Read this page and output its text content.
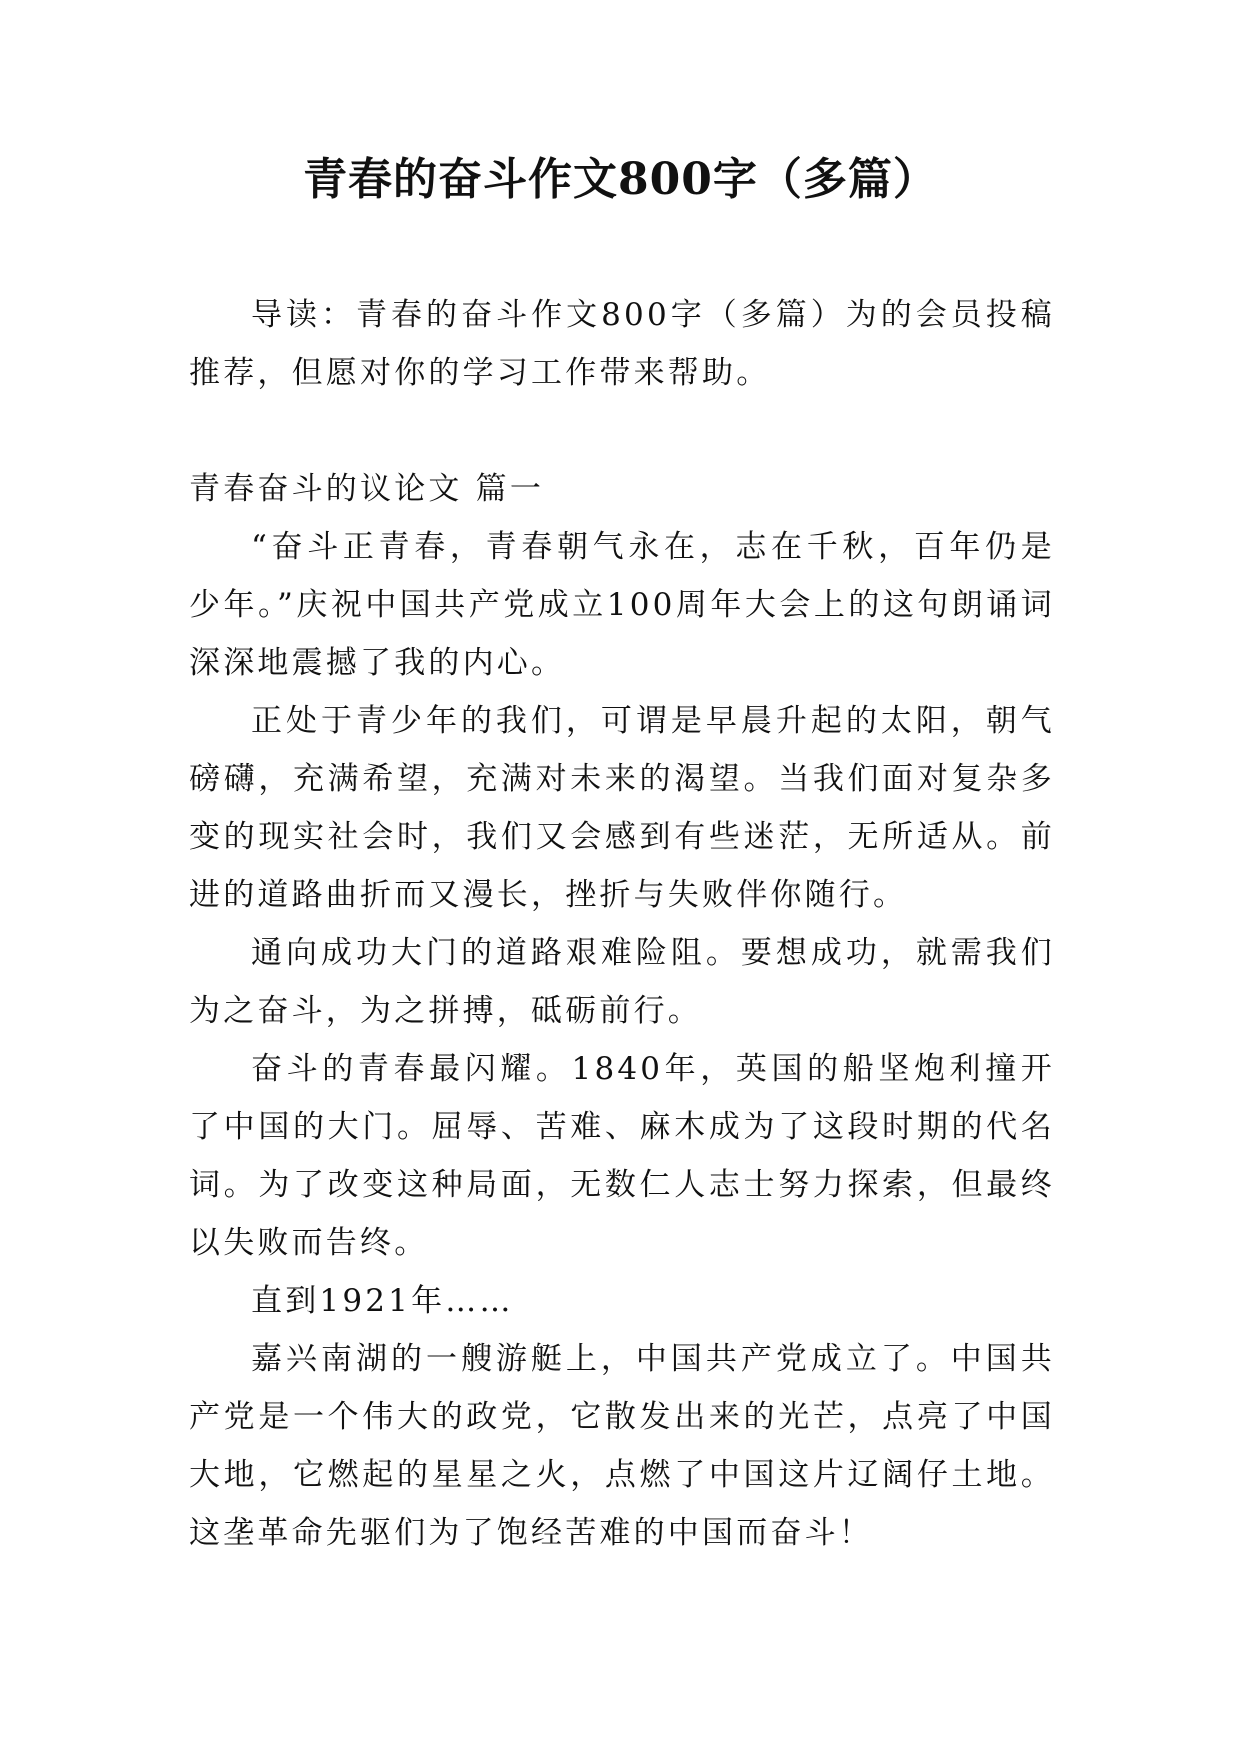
青春的奋斗作文800字（多篇）

导读：青春的奋斗作文800字（多篇）为的会员投稿推荐，但愿对你的学习工作带来帮助。

青春奋斗的议论文 篇一

“奋斗正青春，青春朝气永在，志在千秋，百年仍是少年。”庆祝中国共产党成立100周年大会上的这句朗诵词深深地震撼了我的内心。

正处于青少年的我们，可谓是早晨升起的太阳，朝气磅礴，充满希望，充满对未来的渴望。当我们面对复杂多变的现实社会时，我们又会感到有些迷茫，无所适从。前进的道路曲折而又漫长，挫折与失败伴你随行。

通向成功大门的道路艰难险阻。要想成功，就需我们为之奋斗，为之拼搏，砥砺前行。

奋斗的青春最闪耀。1840年，英国的船坚炮利撞开了中国的大门。屈辱、苦难、麻木成为了这段时期的代名词。为了改变这种局面，无数仁人志士努力探索，但最终以失败而告终。

直到1921年……

嘉兴南湖的一艘游艇上，中国共产党成立了。中国共产党是一个伟大的政党，它散发出来的光芒，点亮了中国大地，它燃起的星星之火，点燃了中国这片辽阔仔土地。这垄革命先驱们为了饱经苦难的中国而奋斗！
